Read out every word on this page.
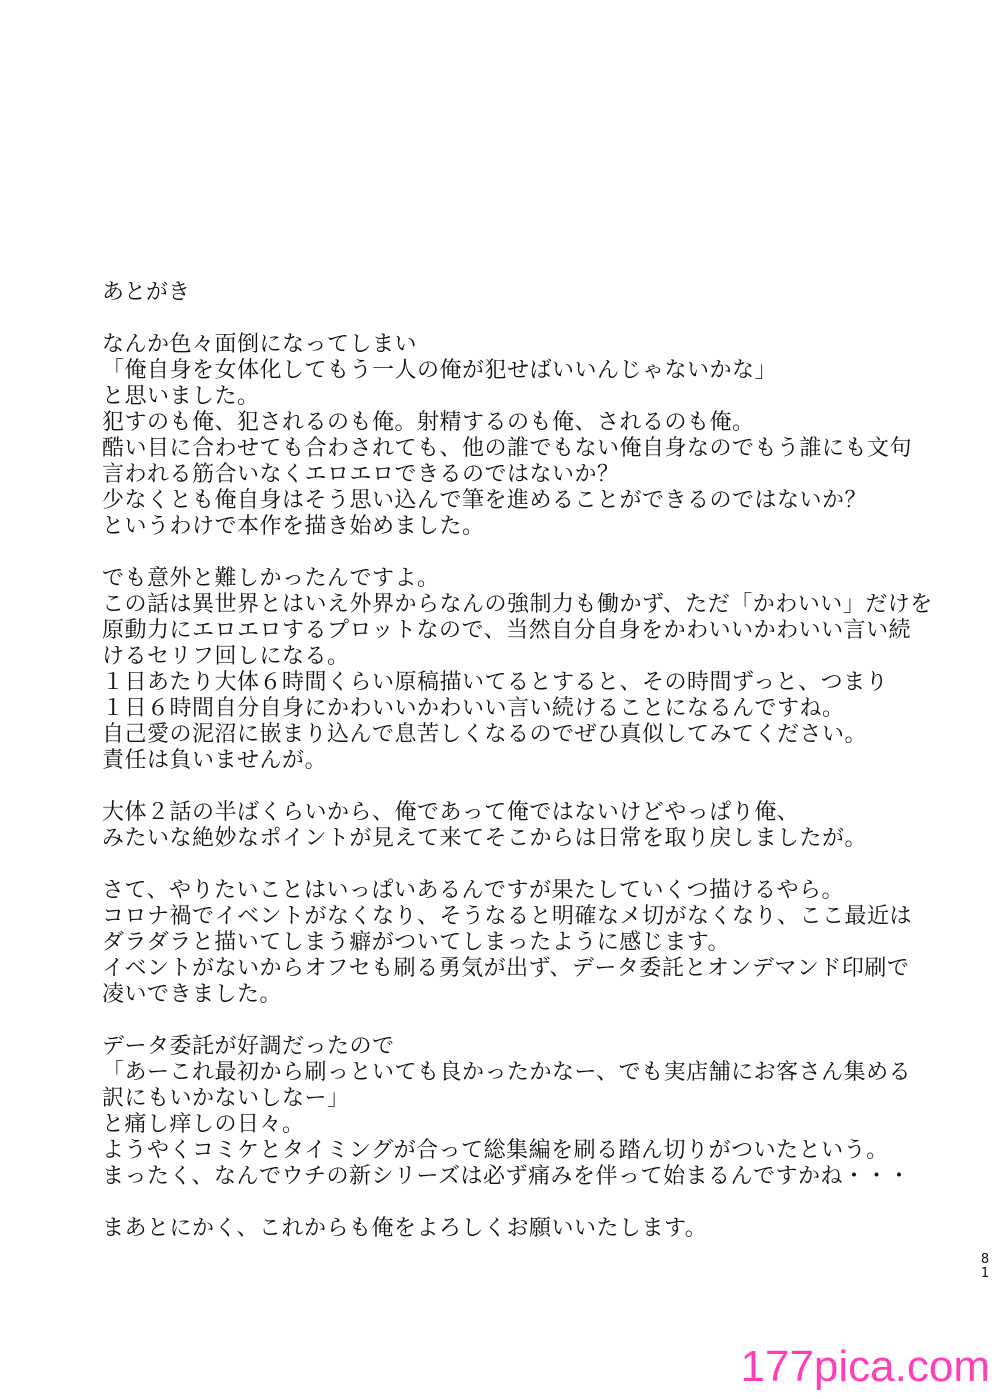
あとがき
なんか色々面倒になってしまい
「俺自身を女体化してもう一人の俺が犯せばいいんじゃないかな」
と思いました。
犯すのも俺、犯されるのも俺。射精するのも俺、されるのも俺。
酷い目に合わせても合わされても、他の誰でもない俺自身なのでもう誰にも文句
言われる筋合いなくエロエロできるのではないか？
少なくとも俺自身はそう思い込んで筆を進めることができるのではないか？
というわけで本作を描き始めました。
でも意外と難しかったんですよ。
この話は異世界とはいえ外界からなんの強制力も働かず、ただ「かわいい」だけを
原動力にエロエロするプロットなので、当然自分自身をかわいいかわいい言い続
けるセリフ回しになる。
１日あたり大体６時間くらい原稿描いてるとすると、その時間ずっと、つまり
１日６時間自分自身にかわいいかわいい言い続けることになるんですね。
自己愛の泥沼に嵌まり込んで息苦しくなるのでぜひ真似してみてください。
責任は負いませんが。
大体２話の半ばくらいから、俺であって俺ではないけどやっぱり俺、
みたいな絶妙なポイントが見えて来てそこからは日常を取り戻しましたが。
さて、やりたいことはいっぱいあるんですが果たしていくつ描けるやら。
コロナ禍でイベントがなくなり、そうなると明確なメ切がなくなり、ここ最近は
ダラダラと描いてしまう癖がついてしまったように感じます。
イベントがないからオフセも刷る勇気が出ず、データ委託とオンデマンド印刷で
凌いできました。
データ委託が好調だったので
「あーこれ最初から刷っといても良かったかなー、でも実店舗にお客さん集める
訳にもいかないしなー」
と痛し痒しの日々。
ようやくコミケとタイミングが合って総集編を刷る踏ん切りがついたという。
まったく、なんでウチの新シリーズは必ず痛みを伴って始まるんですかね・・・
まあとにかく、これからも俺をよろしくお願いいたします。
8
1
177pica.com
